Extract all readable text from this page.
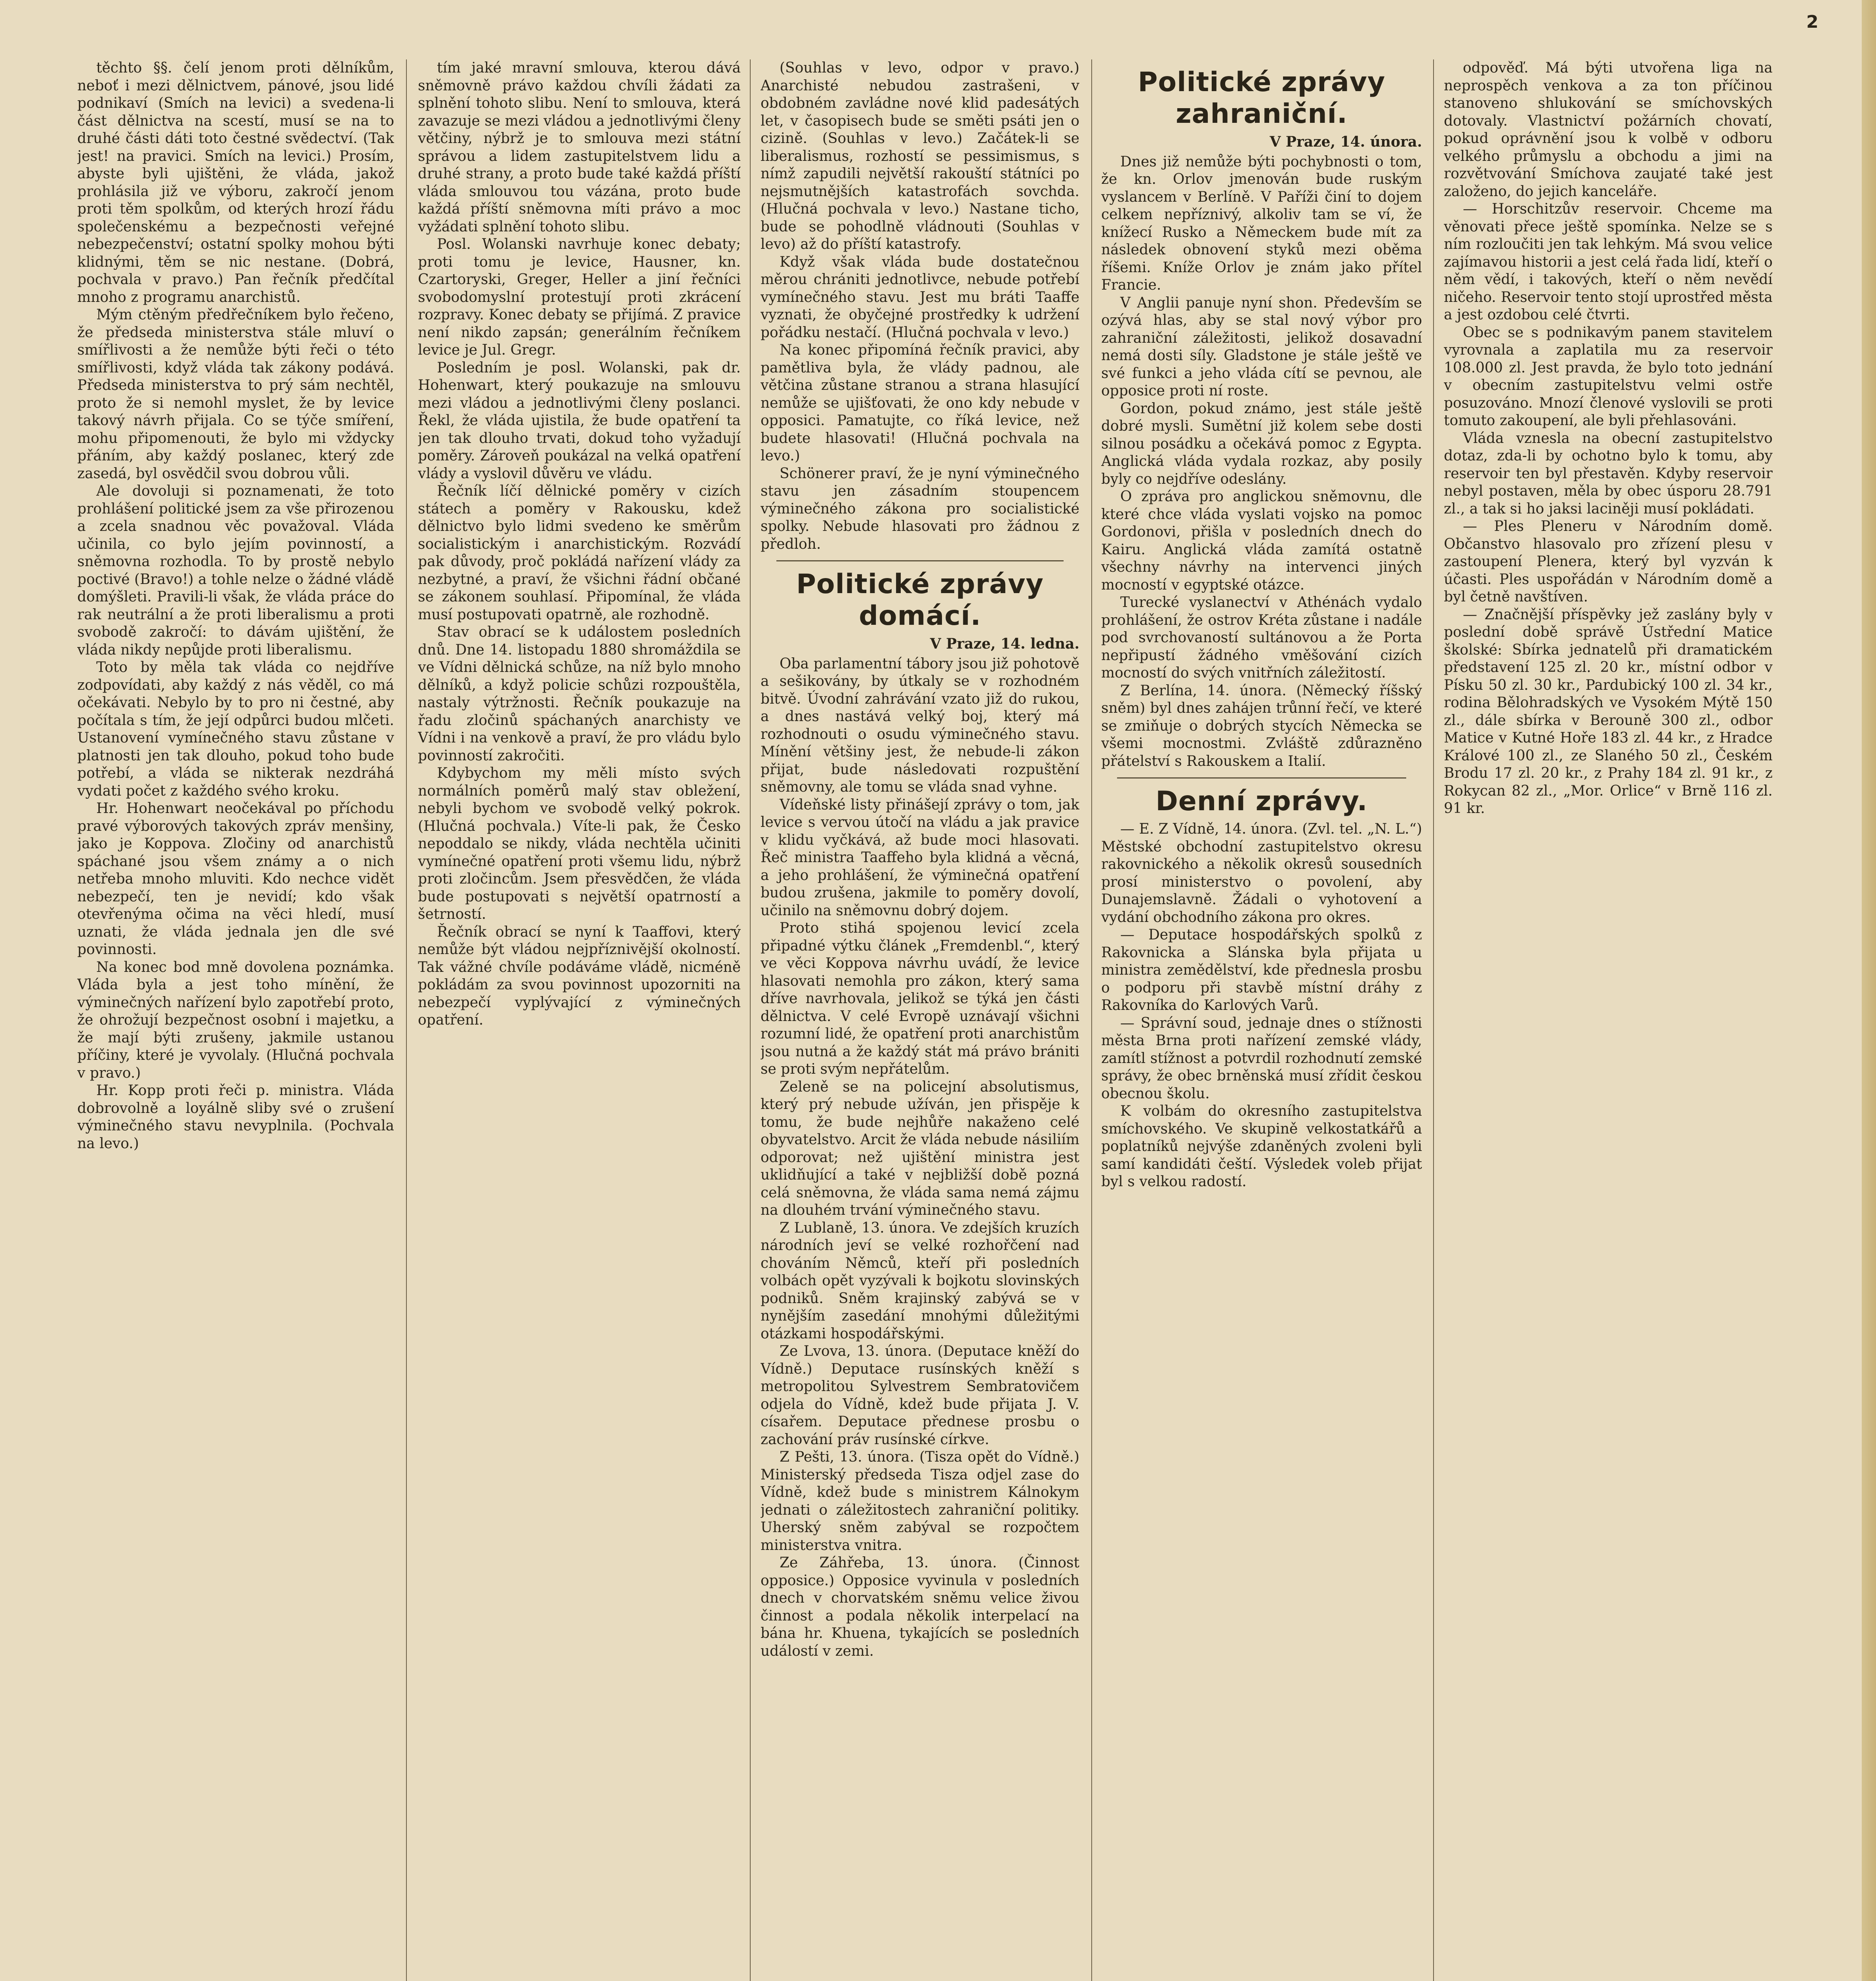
2

těchto §§. čelí jenom proti dělníkům, neboť i mezi dělnictvem, pánové, jsou lidé podnikaví (Smích na levici) a svedena-li část dělnictva na scestí, musí se na to druhé části dáti toto čestné svědectví. (Tak jest! na pravici. Smích na levici.) Prosím, abyste byli ujištěni, že vláda, jakož prohlásila již ve výboru, zakročí jenom proti těm spolkům, od kterých hrozí řádu společenskému a bezpečnosti veřejné nebezpečenství; ostatní spolky mohou býti klidnými, těm se nic nestane. (Dobrá, pochvala v pravo.) Pan řečník předčítal mnoho z programu anarchistů.

Mým ctěným předřečníkem bylo řečeno, že předseda ministerstva stále mluví o smířlivosti a že nemůže býti řeči o této smířlivosti, když vláda tak zákony podává. Předseda ministerstva to prý sám nechtěl, proto že si nemohl myslet, že by levice takový návrh přijala. Co se týče smíření, mohu připomenouti, že bylo mi vždycky přáním, aby každý poslanec, který zde zasedá, byl osvědčil svou dobrou vůli.

Ale dovoluji si poznamenati, že toto prohlášení politické jsem za vše přirozenou a zcela snadnou věc považoval. Vláda učinila, co bylo jejím povinností, a sněmovna rozhodla. To by prostě nebylo poctivé (Bravo!) a tohle nelze o žádné vládě domýšleti. Pravili-li však, že vláda práce do rak neutrální a že proti liberalismu a proti svobodě zakročí: to dávám ujištění, že vláda nikdy nepůjde proti liberalismu.

Toto by měla tak vláda co nejdříve zodpovídati, aby každý z nás věděl, co má očekávati. Nebylo by to pro ni čestné, aby počítala s tím, že její odpůrci budou mlčeti. Ustanovení vymínečného stavu zůstane v platnosti jen tak dlouho, pokud toho bude potřebí, a vláda se nikterak nezdráhá vydati počet z každého svého kroku.

Hr. Hohenwart neočekával po příchodu pravé výborových takových zpráv menšiny, jako je Koppova. Zločiny od anarchistů spáchané jsou všem známy a o nich netřeba mnoho mluviti. Kdo nechce vidět nebezpečí, ten je nevidí; kdo však otevřenýma očima na věci hledí, musí uznati, že vláda jednala jen dle své povinnosti.

Na konec bod mně dovolena poznámka. Vláda byla a jest toho mínění, že výminečných nařízení bylo zapotřebí proto, že ohrožují bezpečnost osobní i majetku, a že mají býti zrušeny, jakmile ustanou příčiny, které je vyvolaly. (Hlučná pochvala v pravo.)

Hr. Kopp proti řeči p. ministra. Vláda dobrovolně a loyálně sliby své o zrušení výminečného stavu nevyplnila. (Pochvala na levo.)

tím jaké mravní smlouva, kterou dává sněmovně právo každou chvíli žádati za splnění tohoto slibu. Není to smlouva, která zavazuje se mezi vládou a jednotlivými členy větčiny, nýbrž je to smlouva mezi státní správou a lidem zastupitelstvem lidu a druhé strany, a proto bude také každá příští vláda smlouvou tou vázána, proto bude každá příští sněmovna míti právo a moc vyžádati splnění tohoto slibu.

Posl. Wolanski navrhuje konec debaty; proti tomu je levice, Hausner, kn. Czartoryski, Greger, Heller a jiní řečníci svobodomyslní protestují proti zkrácení rozpravy. Konec debaty se přijímá. Z pravice není nikdo zapsán; generálním řečníkem levice je Jul. Gregr.

Posledním je posl. Wolanski, pak dr. Hohenwart, který poukazuje na smlouvu mezi vládou a jednotlivými členy poslanci. Řekl, že vláda ujistila, že bude opatření ta jen tak dlouho trvati, dokud toho vyžadují poměry. Zároveň poukázal na velká opatření vlády a vyslovil důvěru ve vládu.

Řečník líčí dělnické poměry v cizích státech a poměry v Rakousku, kdež dělnictvo bylo lidmi svedeno ke směrům socialistickým i anarchistickým. Rozvádí pak důvody, proč pokládá nařízení vlády za nezbytné, a praví, že všichni řádní občané se zákonem souhlasí. Připomínal, že vláda musí postupovati opatrně, ale rozhodně.

Stav obrací se k událostem posledních dnů. Dne 14. listopadu 1880 shromáždila se ve Vídni dělnická schůze, na níž bylo mnoho dělníků, a když policie schůzi rozpouštěla, nastaly výtržnosti. Řečník poukazuje na řadu zločinů spáchaných anarchisty ve Vídni i na venkově a praví, že pro vládu bylo povinností zakročiti.

Kdybychom my měli místo svých normálních poměrů malý stav obležení, nebyli bychom ve svobodě velký pokrok. (Hlučná pochvala.) Víte-li pak, že Česko nepoddalo se nikdy, vláda nechtěla učiniti vymínečné opatření proti všemu lidu, nýbrž proti zločincům. Jsem přesvědčen, že vláda bude postupovati s největší opatrností a šetrností.

Řečník obrací se nyní k Taaffovi, který nemůže být vládou nejpříznivější okolností. Tak vážné chvíle podáváme vládě, nicméně pokládám za svou povinnost upozorniti na nebezpečí vyplývající z výminečných opatření.

(Souhlas v levo, odpor v pravo.) Anarchisté nebudou zastrašeni, v obdobném zavládne nové klid padesátých let, v časopisech bude se směti psáti jen o cizině. (Souhlas v levo.) Začátek-li se liberalismus, rozhostí se pessimismus, s nímž zapudili největší rakouští státníci po nejsmutnějších katastrofách sovchda. (Hlučná pochvala v levo.) Nastane ticho, bude se pohodlně vládnouti (Souhlas v levo) až do příští katastrofy.

Když však vláda bude dostatečnou měrou chrániti jednotlivce, nebude potřebí vymínečného stavu. Jest mu bráti Taaffe vyznati, že obyčejné prostředky k udržení pořádku nestačí. (Hlučná pochvala v levo.)

Na konec připomíná řečník pravici, aby pamětliva byla, že vlády padnou, ale větčina zůstane stranou a strana hlasující nemůže se ujišťovati, že ono kdy nebude v opposici. Pamatujte, co říká levice, než budete hlasovati! (Hlučná pochvala na levo.)

Schönerer praví, že je nyní výminečného stavu jen zásadním stoupencem výminečného zákona pro socialistické spolky. Nebude hlasovati pro žádnou z předloh.

Politické zprávy domácí.
V Praze, 14. ledna.

Oba parlamentní tábory jsou již pohotově a sešikovány, by útkaly se v rozhodném bitvě. Úvodní zahrávání vzato již do rukou, a dnes nastává velký boj, který má rozhodnouti o osudu výminečného stavu. Mínění většiny jest, že nebude-li zákon přijat, bude následovati rozpuštění sněmovny, ale tomu se vláda snad vyhne.

Vídeňské listy přinášejí zprávy o tom, jak levice s vervou útočí na vládu a jak pravice v klidu vyčkává, až bude moci hlasovati. Řeč ministra Taaffeho byla klidná a věcná, a jeho prohlášení, že výminečná opatření budou zrušena, jakmile to poměry dovolí, učinilo na sněmovnu dobrý dojem.

Proto stihá spojenou levicí zcela připadné výtku článek „Fremdenbl.“, který ve věci Koppova návrhu uvádí, že levice hlasovati nemohla pro zákon, který sama dříve navrhovala, jelikož se týká jen části dělnictva. V celé Evropě uznávají všichni rozumní lidé, že opatření proti anarchistům jsou nutná a že každý stát má právo brániti se proti svým nepřátelům.

Zeleně se na policejní absolutismus, který prý nebude užíván, jen přispěje k tomu, že bude nejhůře nakaženo celé obyvatelstvo. Arcit že vláda nebude násiliím odporovat; než ujištění ministra jest uklidňující a také v nejbližší době pozná celá sněmovna, že vláda sama nemá zájmu na dlouhém trvání výminečného stavu.

Z Lublaně, 13. února. Ve zdejších kruzích národních jeví se velké rozhořčení nad chováním Němců, kteří při posledních volbách opět vyzývali k bojkotu slovinských podniků. Sněm krajinský zabývá se v nynějším zasedání mnohými důležitými otázkami hospodářskými.

Ze Lvova, 13. února. (Deputace kněží do Vídně.) Deputace rusínských kněží s metropolitou Sylvestrem Sembratovičem odjela do Vídně, kdež bude přijata J. V. císařem. Deputace přednese prosbu o zachování práv rusínské církve.

Z Pešti, 13. února. (Tisza opět do Vídně.) Ministerský předseda Tisza odjel zase do Vídně, kdež bude s ministrem Kálnokym jednati o záležitostech zahraniční politiky. Uherský sněm zabýval se rozpočtem ministerstva vnitra.

Ze Záhřeba, 13. února. (Činnost opposice.) Opposice vyvinula v posledních dnech v chorvatském sněmu velice živou činnost a podala několik interpelací na bána hr. Khuena, tykajících se posledních událostí v zemi.

Politické zprávy zahraniční.
V Praze, 14. února.

Dnes již nemůže býti pochybnosti o tom, že kn. Orlov jmenován bude ruským vyslancem v Berlíně. V Paříži činí to dojem celkem nepříznivý, alkoliv tam se ví, že knížecí Rusko a Německem bude mít za následek obnovení styků mezi oběma říšemi. Kníže Orlov je znám jako přítel Francie.

V Anglii panuje nyní shon. Především se ozývá hlas, aby se stal nový výbor pro zahraniční záležitosti, jelikož dosavadní nemá dosti síly. Gladstone je stále ještě ve své funkci a jeho vláda cítí se pevnou, ale opposice proti ní roste.

Gordon, pokud známo, jest stále ještě dobré mysli. Sumětní již kolem sebe dosti silnou posádku a očekává pomoc z Egypta. Anglická vláda vydala rozkaz, aby posily byly co nejdříve odeslány.

O zpráva pro anglickou sněmovnu, dle které chce vláda vyslati vojsko na pomoc Gordonovi, přišla v posledních dnech do Kairu. Anglická vláda zamítá ostatně všechny návrhy na intervenci jiných mocností v egyptské otázce.

Turecké vyslanectví v Athénách vydalo prohlášení, že ostrov Kréta zůstane i nadále pod svrchovaností sultánovou a že Porta nepřipustí žádného vměšování cizích mocností do svých vnitřních záležitostí.

Z Berlína, 14. února. (Německý říšský sněm) byl dnes zahájen trůnní řečí, ve které se zmiňuje o dobrých stycích Německa se všemi mocnostmi. Zvláště zdůrazněno přátelství s Rakouskem a Italií.

Denní zprávy.

— E. Z Vídně, 14. února. (Zvl. tel. „N. L.“) Městské obchodní zastupitelstvo okresu rakovnického a několik okresů sousedních prosí ministerstvo o povolení, aby Dunajemslavně. Žádali o vyhotovení a vydání obchodního zákona pro okres.

— Deputace hospodářských spolků z Rakovnicka a Slánska byla přijata u ministra zemědělství, kde přednesla prosbu o podporu při stavbě místní dráhy z Rakovníka do Karlových Varů.

— Správní soud, jednaje dnes o stížnosti města Brna proti nařízení zemské vlády, zamítl stížnost a potvrdil rozhodnutí zemské správy, že obec brněnská musí zřídit českou obecnou školu.

K volbám do okresního zastupitelstva smíchovského. Ve skupině velkostatkářů a poplatníků nejvýše zdaněných zvoleni byli samí kandidáti čeští. Výsledek voleb přijat byl s velkou radostí.

odpověď. Má býti utvořena liga na neprospěch venkova a za ton příčinou stanoveno shlukování se smíchovských dotovaly. Vlastnictví požárních chovatí, pokud oprávnění jsou k volbě v odboru velkého průmyslu a obchodu a jimi na rozvětvování Smíchova zaujaté také jest založeno, do jejich kanceláře.

— Horschitzův reservoir. Chceme ma věnovati přece ještě spomínka. Nelze se s ním rozloučiti jen tak lehkým. Má svou velice zajímavou historii a jest celá řada lidí, kteří o něm vědí, i takových, kteří o něm nevědí ničeho. Reservoir tento stojí uprostřed města a jest ozdobou celé čtvrti.

Obec se s podnikavým panem stavitelem vyrovnala a zaplatila mu za reservoir 108.000 zl. Jest pravda, že bylo toto jednání v obecním zastupitelstvu velmi ostře posuzováno. Mnozí členové vyslovili se proti tomuto zakoupení, ale byli přehlasováni.

Vláda vznesla na obecní zastupitelstvo dotaz, zda-li by ochotno bylo k tomu, aby reservoir ten byl přestavěn. Kdyby reservoir nebyl postaven, měla by obec úsporu 28.791 zl., a tak si ho jaksi laciněji musí pokládati.

— Ples Pleneru v Národním domě. Občanstvo hlasovalo pro zřízení plesu v zastoupení Plenera, který byl vyzván k účasti. Ples uspořádán v Národním domě a byl četně navštíven.

— Značnější příspěvky jež zaslány byly v poslední době správě Ústřední Matice školské: Sbírka jednatelů při dramatickém představení 125 zl. 20 kr., místní odbor v Písku 50 zl. 30 kr., Pardubický 100 zl. 34 kr., rodina Bělohradských ve Vysokém Mýtě 150 zl., dále sbírka v Berouně 300 zl., odbor Matice v Kutné Hoře 183 zl. 44 kr., z Hradce Králové 100 zl., ze Slaného 50 zl., Českém Brodu 17 zl. 20 kr., z Prahy 184 zl. 91 kr., z Rokycan 82 zl., „Mor. Orlice“ v Brně 116 zl. 91 kr.
